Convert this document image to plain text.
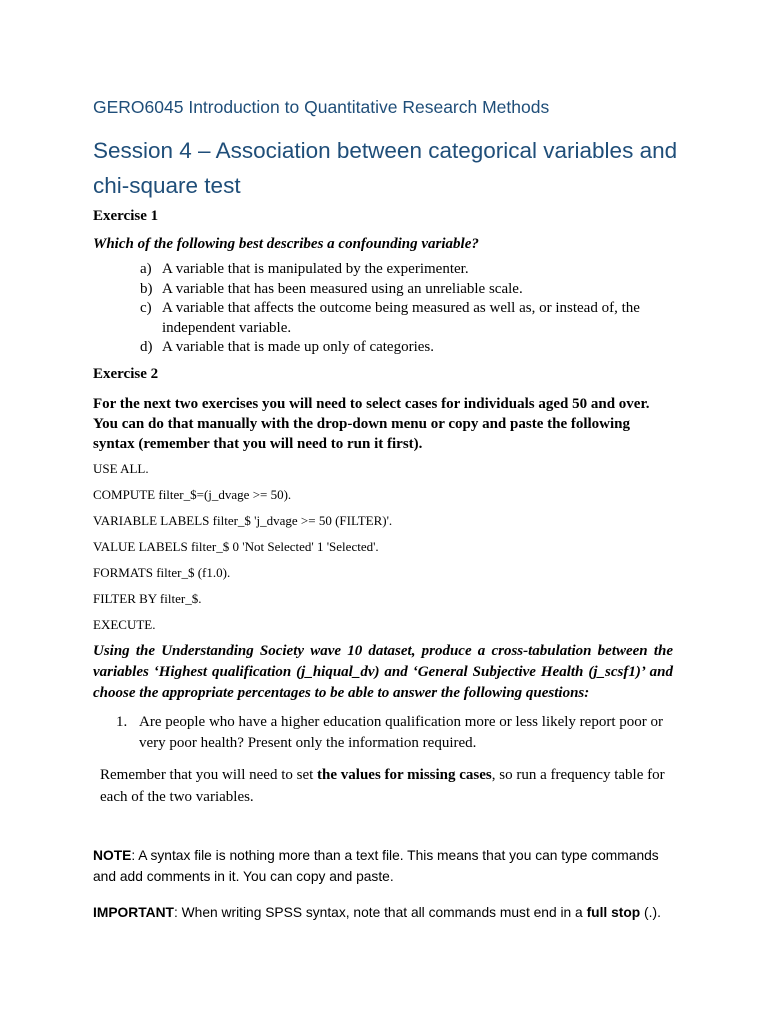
GERO6045 Introduction to Quantitative Research Methods
Session 4 – Association between categorical variables and chi-square test
Exercise 1
Which of the following best describes a confounding variable?
a) A variable that is manipulated by the experimenter.
b) A variable that has been measured using an unreliable scale.
c) A variable that affects the outcome being measured as well as, or instead of, the independent variable.
d) A variable that is made up only of categories.
Exercise 2
For the next two exercises you will need to select cases for individuals aged 50 and over. You can do that manually with the drop-down menu or copy and paste the following syntax (remember that you will need to run it first).
USE ALL.
COMPUTE filter_$=(j_dvage >= 50).
VARIABLE LABELS filter_$ 'j_dvage >= 50 (FILTER)'.
VALUE LABELS filter_$ 0 'Not Selected' 1 'Selected'.
FORMATS filter_$ (f1.0).
FILTER BY filter_$.
EXECUTE.
Using the Understanding Society wave 10 dataset, produce a cross-tabulation between the variables ‘Highest qualification (j_hiqual_dv) and ‘General Subjective Health (j_scsf1)’ and choose the appropriate percentages to be able to answer the following questions:
1. Are people who have a higher education qualification more or less likely report poor or very poor health? Present only the information required.
Remember that you will need to set the values for missing cases, so run a frequency table for each of the two variables.
NOTE: A syntax file is nothing more than a text file. This means that you can type commands and add comments in it. You can copy and paste.
IMPORTANT: When writing SPSS syntax, note that all commands must end in a full stop (.).
